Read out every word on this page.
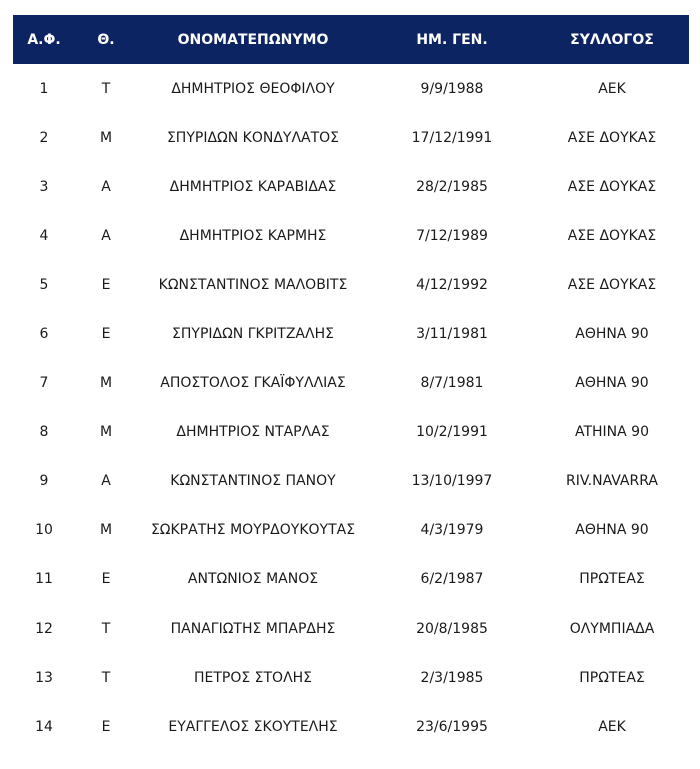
Α.Φ.	Θ.	ΟΝΟΜΑΤΕΠΩΝΥΜΟ	ΗΜ. ΓΕΝ.	ΣΥΛΛΟΓΟΣ
1	Τ	ΔΗΜΗΤΡΙΟΣ ΘΕΟΦΙΛΟΥ	9/9/1988	ΑΕΚ
2	Μ	ΣΠΥΡΙΔΩΝ ΚΟΝΔΥΛΑΤΟΣ	17/12/1991	ΑΣΕ ΔΟΥΚΑΣ
3	Α	ΔΗΜΗΤΡΙΟΣ ΚΑΡΑΒΙΔΑΣ	28/2/1985	ΑΣΕ ΔΟΥΚΑΣ
4	Α	ΔΗΜΗΤΡΙΟΣ ΚΑΡΜΗΣ	7/12/1989	ΑΣΕ ΔΟΥΚΑΣ
5	Ε	ΚΩΝΣΤΑΝΤΙΝΟΣ ΜΑΛΟΒΙΤΣ	4/12/1992	ΑΣΕ ΔΟΥΚΑΣ
6	Ε	ΣΠΥΡΙΔΩΝ ΓΚΡΙΤΖΑΛΗΣ	3/11/1981	ΑΘΗΝΑ 90
7	Μ	ΑΠΟΣΤΟΛΟΣ ΓΚΑΪΦΥΛΛΙΑΣ	8/7/1981	ΑΘΗΝΑ 90
8	Μ	ΔΗΜΗΤΡΙΟΣ ΝΤΑΡΛΑΣ	10/2/1991	ATHINA 90
9	Α	ΚΩΝΣΤΑΝΤΙΝΟΣ ΠΑΝΟΥ	13/10/1997	RIV.NAVARRA
10	Μ	ΣΩΚΡΑΤΗΣ ΜΟΥΡΔΟΥΚΟΥΤΑΣ	4/3/1979	ΑΘΗΝΑ 90
11	Ε	ΑΝΤΩΝΙΟΣ ΜΑΝΟΣ	6/2/1987	ΠΡΩΤΕΑΣ
12	Τ	ΠΑΝΑΓΙΩΤΗΣ ΜΠΑΡΔΗΣ	20/8/1985	ΟΛΥΜΠΙΑΔΑ
13	Τ	ΠΕΤΡΟΣ ΣΤΟΛΗΣ	2/3/1985	ΠΡΩΤΕΑΣ
14	Ε	ΕΥΑΓΓΕΛΟΣ ΣΚΟΥΤΕΛΗΣ	23/6/1995	ΑΕΚ
